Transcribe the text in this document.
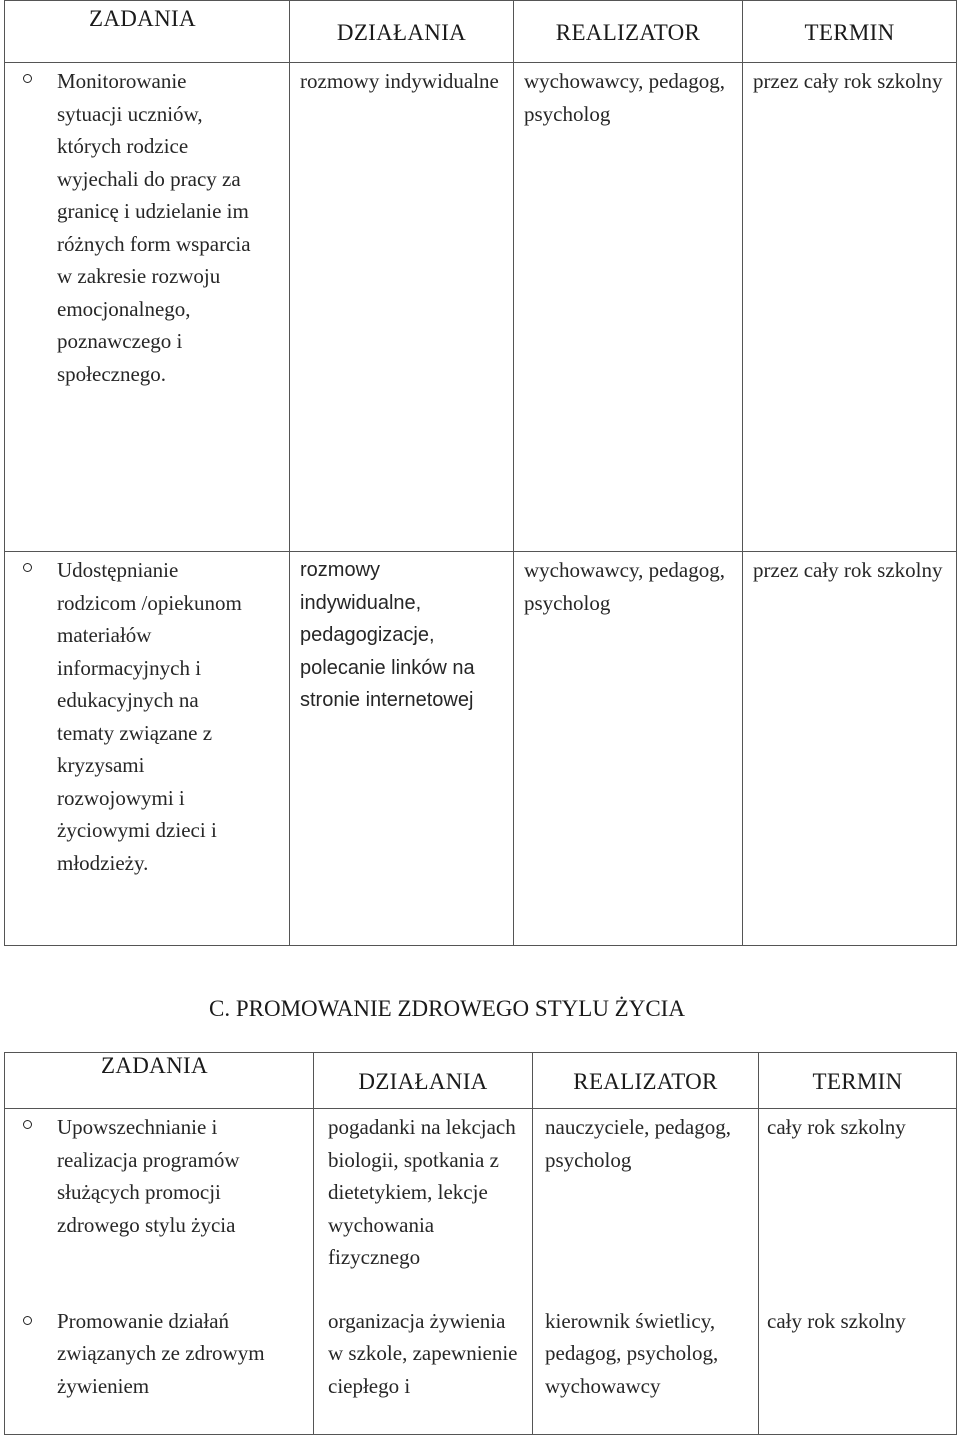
ZADANIA	DZIAŁANIA	REALIZATOR	TERMIN

Monitorowanie sytuacji uczniów, których rodzice wyjechali do pracy za granicę i udzielanie im różnych form wsparcia w zakresie rozwoju emocjonalnego, poznawczego i społecznego.	rozmowy indywidualne	wychowawcy, pedagog, psycholog	przez cały rok szkolny

Udostępnianie rodzicom /opiekunom materiałów informacyjnych i edukacyjnych na tematy związane z kryzysami rozwojowymi i życiowymi dzieci i młodzieży.	rozmowy indywidualne, pedagogizacje, polecanie linków na stronie internetowej	wychowawcy, pedagog, psycholog	przez cały rok szkolny
C. PROMOWANIE ZDROWEGO STYLU ŻYCIA
ZADANIA	DZIAŁANIA	REALIZATOR	TERMIN

Upowszechnianie i realizacja programów służących promocji zdrowego stylu życia	pogadanki na lekcjach biologii, spotkania z dietetykiem, lekcje wychowania fizycznego	nauczyciele, pedagog, psycholog	cały rok szkolny

Promowanie działań związanych ze zdrowym żywieniem	organizacja żywienia w szkole, zapewnienie ciepłego i	kierownik świetlicy, pedagog, psycholog, wychowawcy	cały rok szkolny
